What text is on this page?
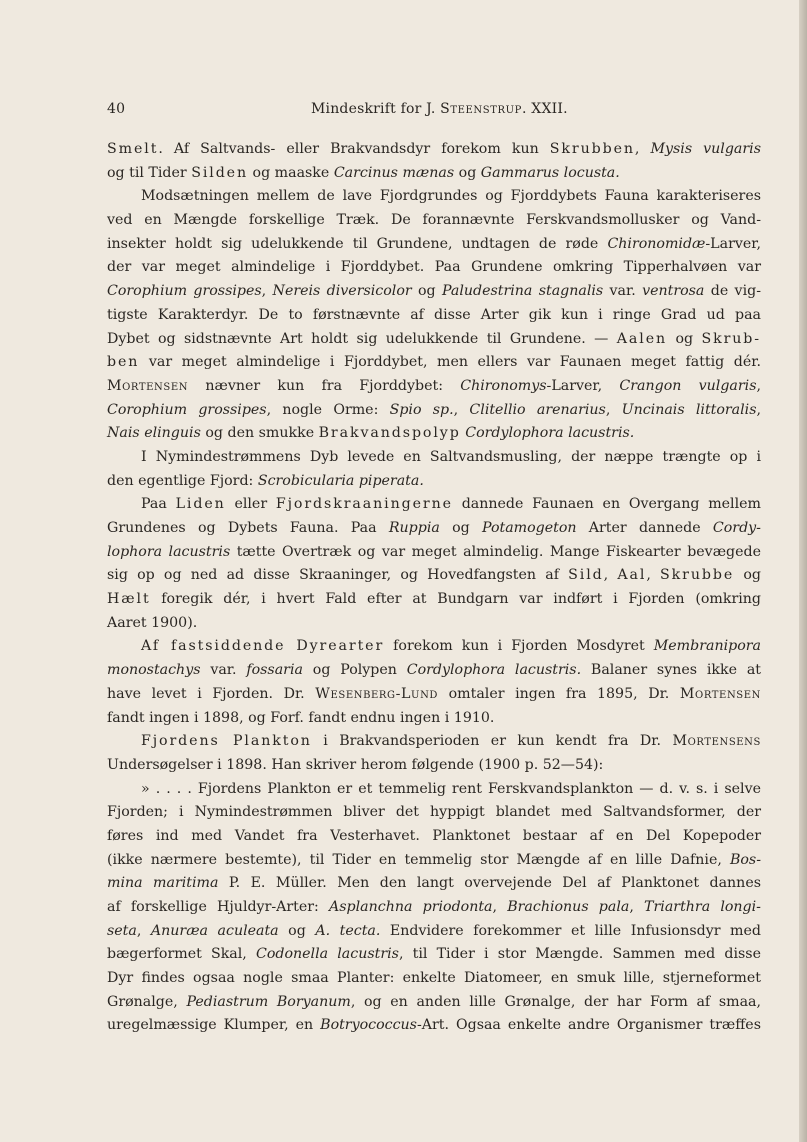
40	Mindeskrift for J. Steenstrup. XXII.
Smelt. Af Saltvands- eller Brakvandsdyr forekom kun Skrubben, Mysis vulgaris
og til Tider Silden og maaske Carcinus mænas og Gammarus locusta.
Modsætningen mellem de lave Fjordgrundes og Fjorddybets Fauna karakteriseres
ved en Mængde forskellige Træk. De forannævnte Ferskvandsmollusker og Vand-
insekter holdt sig udelukkende til Grundene, undtagen de røde Chironomidæ-Larver,
der var meget almindelige i Fjorddybet. Paa Grundene omkring Tipperhalvøen var
Corophium grossipes, Nereis diversicolor og Paludestrina stagnalis var. ventrosa de vig-
tigste Karakterdyr. De to førstnævnte af disse Arter gik kun i ringe Grad ud paa
Dybet og sidstnævnte Art holdt sig udelukkende til Grundene. — Aalen og Skrub-
ben var meget almindelige i Fjorddybet, men ellers var Faunaen meget fattig dér.
Mortensen nævner kun fra Fjorddybet: Chironomys-Larver, Crangon vulgaris,
Corophium grossipes, nogle Orme: Spio sp., Clitellio arenarius, Uncinais littoralis,
Nais elinguis og den smukke Brakvandspolyp Cordylophora lacustris.
I Nymindestrømmens Dyb levede en Saltvandsmusling, der næppe trængte op i
den egentlige Fjord: Scrobicularia piperata.
Paa Liden eller Fjordskraaningerne dannede Faunaen en Overgang mellem
Grundenes og Dybets Fauna. Paa Ruppia og Potamogeton Arter dannede Cordy-
lophora lacustris tætte Overtræk og var meget almindelig. Mange Fiskearter bevægede
sig op og ned ad disse Skraaninger, og Hovedfangsten af Sild, Aal, Skrubbe og
Hælt foregik dér, i hvert Fald efter at Bundgarn var indført i Fjorden (omkring
Aaret 1900).
Af fastsiddende Dyrearter forekom kun i Fjorden Mosdyret Membranipora
monostachys var. fossaria og Polypen Cordylophora lacustris. Balaner synes ikke at
have levet i Fjorden. Dr. Wesenberg-Lund omtaler ingen fra 1895, Dr. Mortensen
fandt ingen i 1898, og Forf. fandt endnu ingen i 1910.
Fjordens Plankton i Brakvandsperioden er kun kendt fra Dr. Mortensens
Undersøgelser i 1898. Han skriver herom følgende (1900 p. 52—54):
» . . . . Fjordens Plankton er et temmelig rent Ferskvandsplankton — d. v. s. i selve
Fjorden; i Nymindestrømmen bliver det hyppigt blandet med Saltvandsformer, der
føres ind med Vandet fra Vesterhavet. Planktonet bestaar af en Del Kopepoder
(ikke nærmere bestemte), til Tider en temmelig stor Mængde af en lille Dafnie, Bos-
mina maritima P. E. Müller. Men den langt overvejende Del af Planktonet dannes
af forskellige Hjuldyr-Arter: Asplanchna priodonta, Brachionus pala, Triarthra longi-
seta, Anuræa aculeata og A. tecta. Endvidere forekommer et lille Infusionsdyr med
bægerformet Skal, Codonella lacustris, til Tider i stor Mængde. Sammen med disse
Dyr findes ogsaa nogle smaa Planter: enkelte Diatomeer, en smuk lille, stjerneformet
Grønalge, Pediastrum Boryanum, og en anden lille Grønalge, der har Form af smaa,
uregelmæssige Klumper, en Botryococcus-Art. Ogsaa enkelte andre Organismer træffes
